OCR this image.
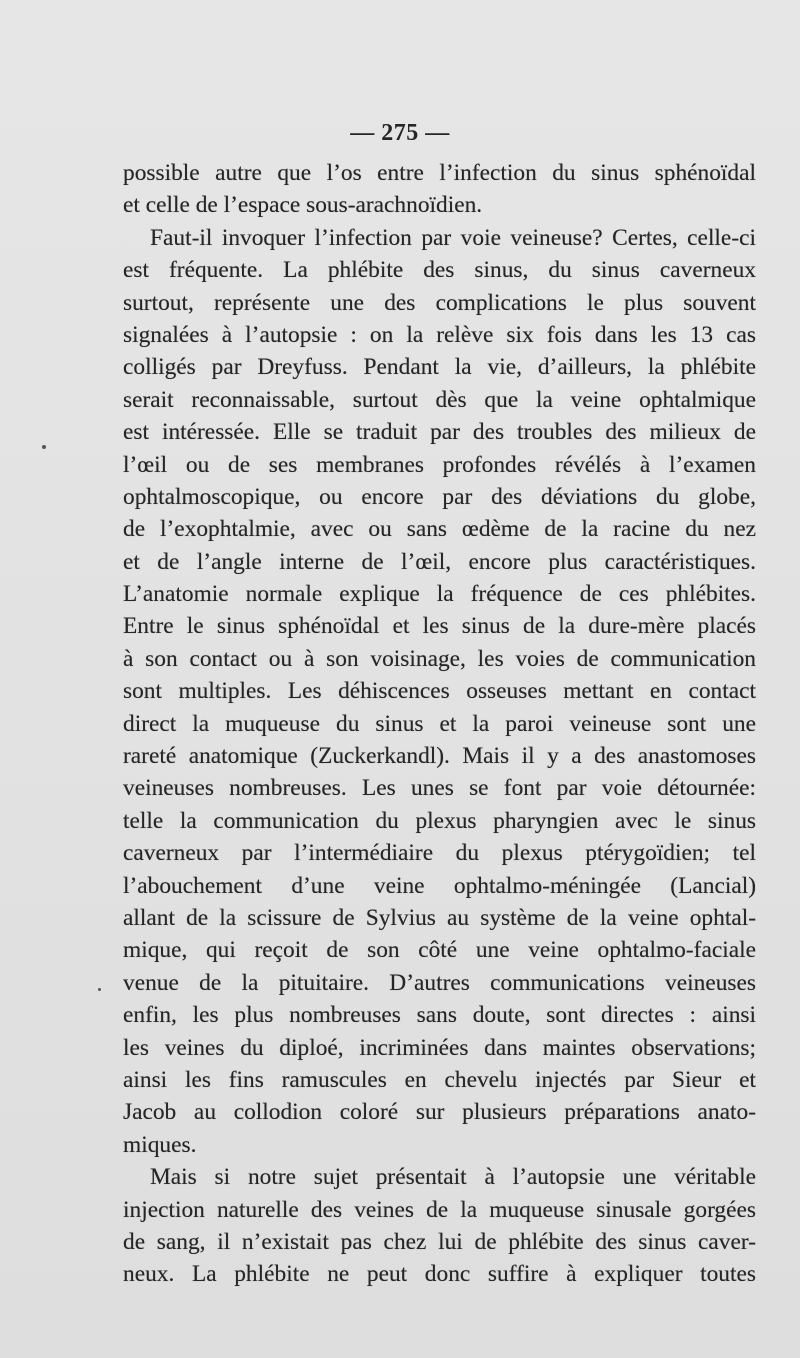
— 275 —
possible autre que l’os entre l’infection du sinus sphénoïdal
et celle de l’espace sous-arachnoïdien.
Faut-il invoquer l’infection par voie veineuse? Certes, celle-ci
est fréquente. La phlébite des sinus, du sinus caverneux
surtout, représente une des complications le plus souvent
signalées à l’autopsie : on la relève six fois dans les 13 cas
colligés par Dreyfuss. Pendant la vie, d’ailleurs, la phlébite
serait reconnaissable, surtout dès que la veine ophtalmique
est intéressée. Elle se traduit par des troubles des milieux de
l’œil ou de ses membranes profondes révélés à l’examen
ophtalmoscopique, ou encore par des déviations du globe,
de l’exophtalmie, avec ou sans œdème de la racine du nez
et de l’angle interne de l’œil, encore plus caractéristiques.
L’anatomie normale explique la fréquence de ces phlébites.
Entre le sinus sphénoïdal et les sinus de la dure-mère placés
à son contact ou à son voisinage, les voies de communication
sont multiples. Les déhiscences osseuses mettant en contact
direct la muqueuse du sinus et la paroi veineuse sont une
rareté anatomique (Zuckerkandl). Mais il y a des anastomoses
veineuses nombreuses. Les unes se font par voie détournée:
telle la communication du plexus pharyngien avec le sinus
caverneux par l’intermédiaire du plexus ptérygoïdien; tel
l’abouchement d’une veine ophtalmo-méningée (Lancial)
allant de la scissure de Sylvius au système de la veine ophtal-
mique, qui reçoit de son côté une veine ophtalmo-faciale
venue de la pituitaire. D’autres communications veineuses
enfin, les plus nombreuses sans doute, sont directes : ainsi
les veines du diploé, incriminées dans maintes observations;
ainsi les fins ramuscules en chevelu injectés par Sieur et
Jacob au collodion coloré sur plusieurs préparations anato-
miques.
Mais si notre sujet présentait à l’autopsie une véritable
injection naturelle des veines de la muqueuse sinusale gorgées
de sang, il n’existait pas chez lui de phlébite des sinus caver-
neux. La phlébite ne peut donc suffire à expliquer toutes
